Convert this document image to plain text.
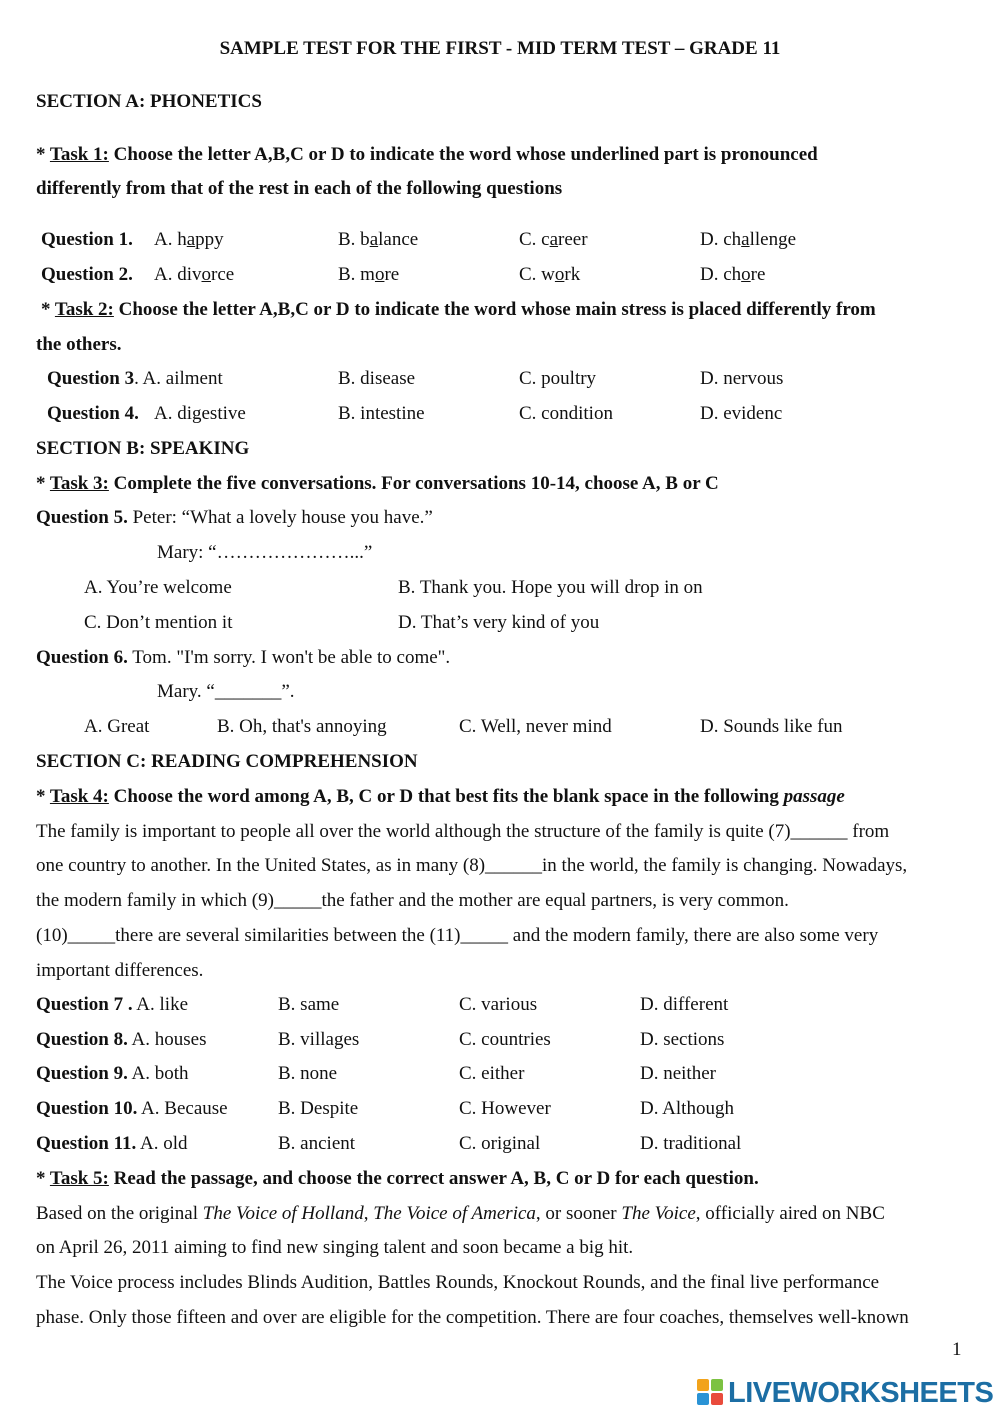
SAMPLE TEST FOR THE FIRST - MID TERM TEST – GRADE 11
SECTION A: PHONETICS
* Task 1: Choose the letter A,B,C or D to indicate the word whose underlined part is pronounced
differently from that of the rest in each of the following questions
Question 1. A. happy	B. balance	C. career	D. challenge
Question 2. A. divorce	B. more	C. work	D. chore
* Task 2: Choose the letter A,B,C or D to indicate the word whose main stress is placed differently from
the others.
Question 3. A. ailment	B. disease	C. poultry	D. nervous
Question 4. A. digestive	B. intestine	C. condition	D. evidenc
SECTION B: SPEAKING
* Task 3: Complete the five conversations. For conversations 10-14, choose A, B or C
Question 5. Peter: “What a lovely house you have.”
Mary: “…………………...”
A. You’re welcome	B. Thank you. Hope you will drop in on
C. Don’t mention it	D. That’s very kind of you
Question 6. Tom. "I'm sorry. I won't be able to come".
Mary. “_______”.
A. Great	B. Oh, that's annoying	C. Well, never mind	D. Sounds like fun
SECTION C: READING COMPREHENSION
* Task 4: Choose the word among A, B, C or D that best fits the blank space in the following passage
The family is important to people all over the world although the structure of the family is quite (7)______ from
one country to another. In the United States, as in many (8)______in the world, the family is changing. Nowadays,
the modern family in which (9)_____the father and the mother are equal partners, is very common.
(10)_____there are several similarities between the (11)_____ and the modern family, there are also some very
important differences.
Question 7 . A. like	B. same	C. various	D. different
Question 8. A. houses	B. villages	C. countries	D. sections
Question 9. A. both	B. none	C. either	D. neither
Question 10. A. Because	B. Despite	C. However	D. Although
Question 11. A. old	B. ancient	C. original	D. traditional
* Task 5: Read the passage, and choose the correct answer A, B, C or D for each question.
Based on the original The Voice of Holland, The Voice of America, or sooner The Voice, officially aired on NBC
on April 26, 2011 aiming to find new singing talent and soon became a big hit.
The Voice process includes Blinds Audition, Battles Rounds, Knockout Rounds, and the final live performance
phase. Only those fifteen and over are eligible for the competition. There are four coaches, themselves well-known
1
LIVEWORKSHEETS
